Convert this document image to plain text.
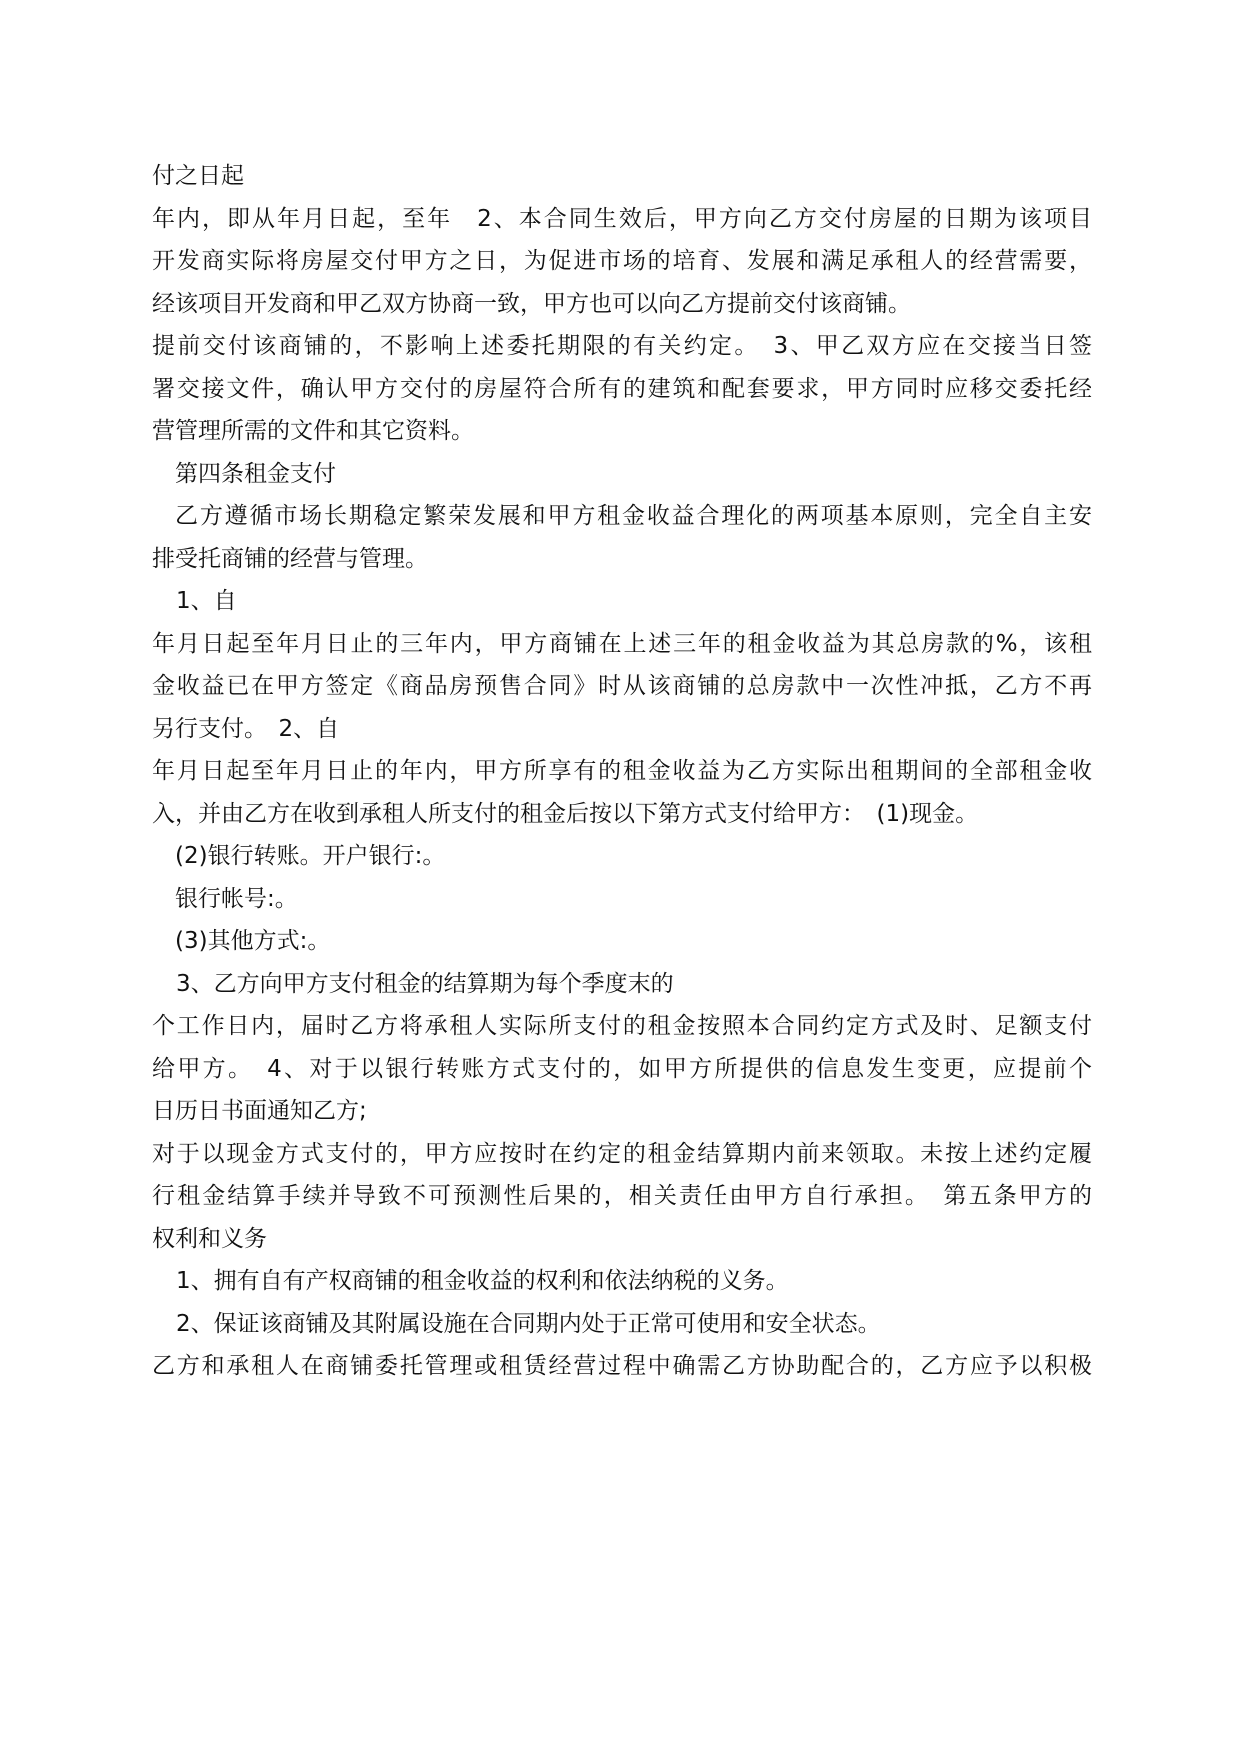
付之日起
年内，即从年月日起，至年　2、本合同生效后，甲方向乙方交付房屋的日期为该项目
开发商实际将房屋交付甲方之日，为促进市场的培育、发展和满足承租人的经营需要，
经该项目开发商和甲乙双方协商一致，甲方也可以向乙方提前交付该商铺。
提前交付该商铺的，不影响上述委托期限的有关约定。　3、甲乙双方应在交接当日签
署交接文件，确认甲方交付的房屋符合所有的建筑和配套要求，甲方同时应移交委托经
营管理所需的文件和其它资料。
第四条租金支付
乙方遵循市场长期稳定繁荣发展和甲方租金收益合理化的两项基本原则，完全自主安
排受托商铺的经营与管理。
1、自
年月日起至年月日止的三年内，甲方商铺在上述三年的租金收益为其总房款的%，该租
金收益已在甲方签定《商品房预售合同》时从该商铺的总房款中一次性冲抵，乙方不再
另行支付。　2、自
年月日起至年月日止的年内，甲方所享有的租金收益为乙方实际出租期间的全部租金收
入，并由乙方在收到承租人所支付的租金后按以下第方式支付给甲方：　(1)现金。
(2)银行转账。开户银行:。
银行帐号:。
(3)其他方式:。
3、乙方向甲方支付租金的结算期为每个季度末的
个工作日内，届时乙方将承租人实际所支付的租金按照本合同约定方式及时、足额支付
给甲方。　4、对于以银行转账方式支付的，如甲方所提供的信息发生变更，应提前个
日历日书面通知乙方;
对于以现金方式支付的，甲方应按时在约定的租金结算期内前来领取。未按上述约定履
行租金结算手续并导致不可预测性后果的，相关责任由甲方自行承担。　第五条甲方的
权利和义务
1、拥有自有产权商铺的租金收益的权利和依法纳税的义务。
2、保证该商铺及其附属设施在合同期内处于正常可使用和安全状态。
乙方和承租人在商铺委托管理或租赁经营过程中确需乙方协助配合的，乙方应予以积极
